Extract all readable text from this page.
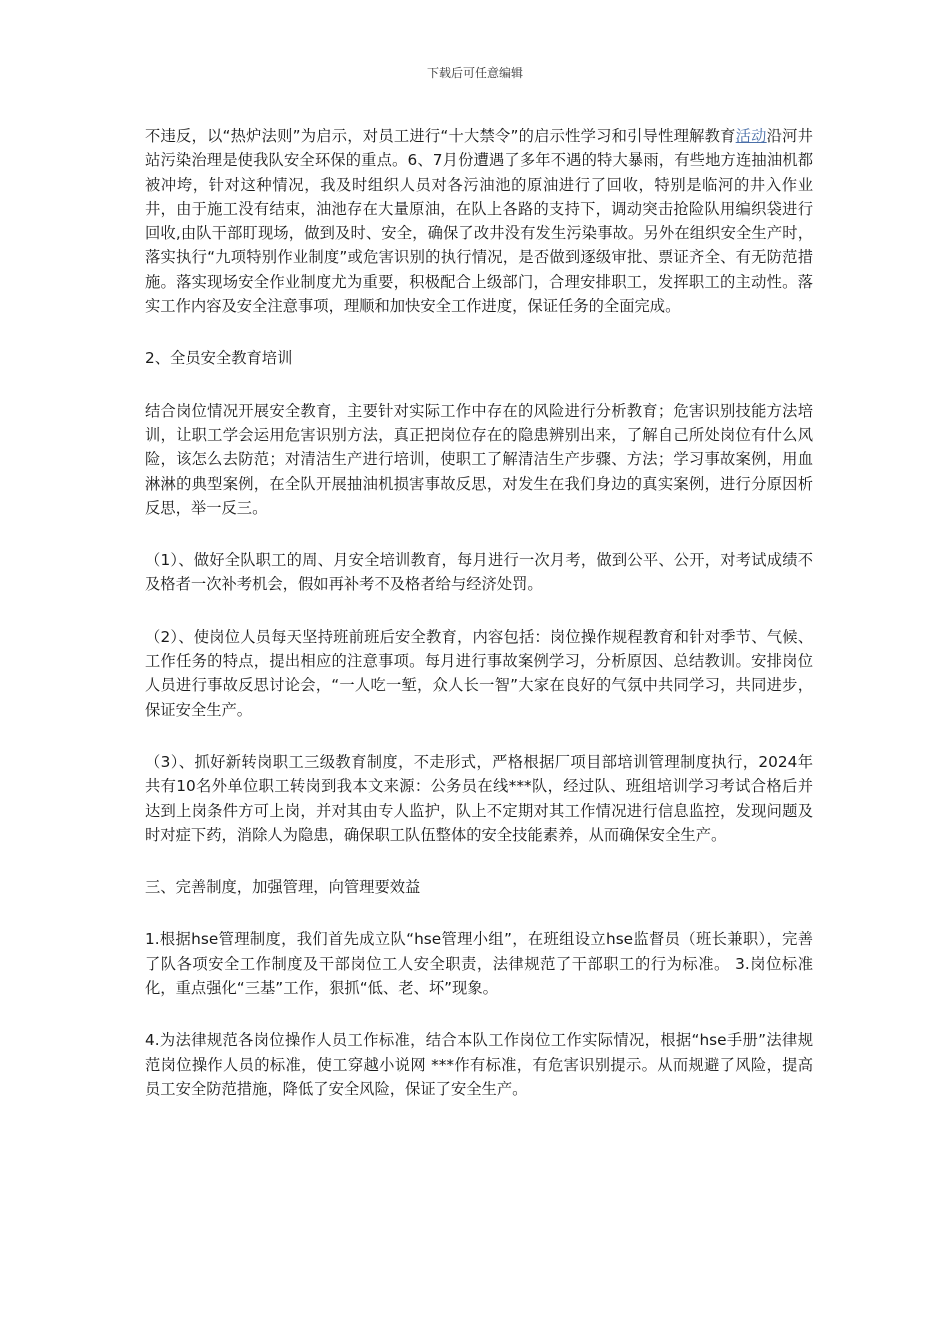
下载后可任意编辑

不违反，以“热炉法则”为启示，对员工进行“十大禁令”的启示性学习和引导性理解教育活动沿河井站污染治理是使我队安全环保的重点。6、7月份遭遇了多年不遇的特大暴雨，有些地方连抽油机都被冲垮，针对这种情况，我及时组织人员对各污油池的原油进行了回收，特别是临河的井入作业井，由于施工没有结束，油池存在大量原油，在队上各路的支持下，调动突击抢险队用编织袋进行回收,由队干部盯现场，做到及时、安全，确保了改井没有发生污染事故。另外在组织安全生产时，落实执行“九项特别作业制度”或危害识别的执行情况，是否做到逐级审批、票证齐全、有无防范措施。落实现场安全作业制度尤为重要，积极配合上级部门，合理安排职工，发挥职工的主动性。落实工作内容及安全注意事项，理顺和加快安全工作进度，保证任务的全面完成。

2、全员安全教育培训

结合岗位情况开展安全教育，主要针对实际工作中存在的风险进行分析教育；危害识别技能方法培训，让职工学会运用危害识别方法，真正把岗位存在的隐患辨别出来，了解自己所处岗位有什么风险，该怎么去防范；对清洁生产进行培训，使职工了解清洁生产步骤、方法；学习事故案例，用血淋淋的典型案例，在全队开展抽油机损害事故反思，对发生在我们身边的真实案例，进行分原因析反思，举一反三。

（1）、做好全队职工的周、月安全培训教育，每月进行一次月考，做到公平、公开，对考试成绩不及格者一次补考机会，假如再补考不及格者给与经济处罚。

（2）、使岗位人员每天坚持班前班后安全教育，内容包括：岗位操作规程教育和针对季节、气候、工作任务的特点，提出相应的注意事项。每月进行事故案例学习，分析原因、总结教训。安排岗位人员进行事故反思讨论会，“一人吃一堑，众人长一智”大家在良好的气氛中共同学习，共同进步，保证安全生产。

（3）、抓好新转岗职工三级教育制度，不走形式，严格根据厂项目部培训管理制度执行，2024年共有10名外单位职工转岗到我本文来源：公务员在线***队，经过队、班组培训学习考试合格后并达到上岗条件方可上岗，并对其由专人监护，队上不定期对其工作情况进行信息监控，发现问题及时对症下药，消除人为隐患，确保职工队伍整体的安全技能素养，从而确保安全生产。

三、完善制度，加强管理，向管理要效益

1.根据hse管理制度，我们首先成立队“hse管理小组”，在班组设立hse监督员（班长兼职），完善了队各项安全工作制度及干部岗位工人安全职责，法律规范了干部职工的行为标准。 3.岗位标准化，重点强化“三基”工作，狠抓“低、老、坏”现象。

4.为法律规范各岗位操作人员工作标准，结合本队工作岗位工作实际情况，根据“hse手册”法律规范岗位操作人员的标准，使工穿越小说网 ***作有标准，有危害识别提示。从而规避了风险，提高员工安全防范措施，降低了安全风险，保证了安全生产。
